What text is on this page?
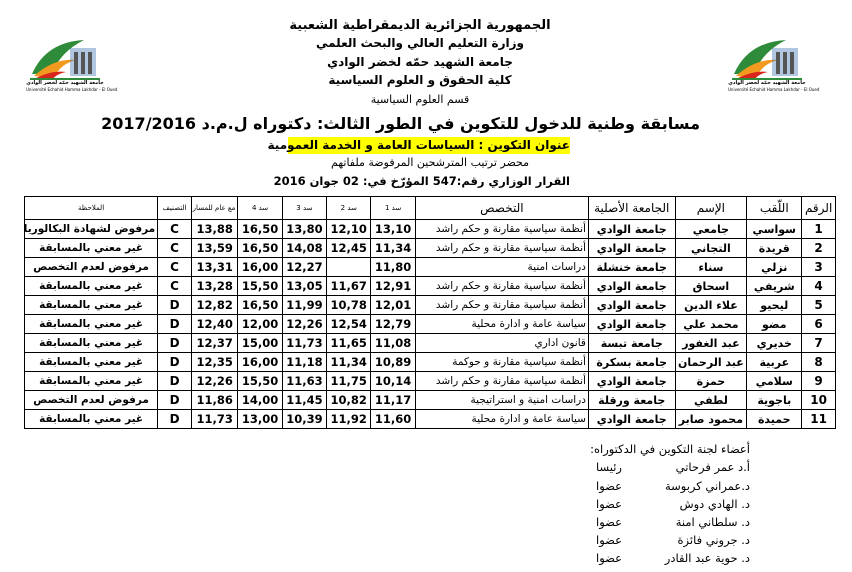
جامعة الشهيد حمّه لخضر الوادي
Université Echahid Hamma Lakhdar - El Oued
جامعة الشهيد حمّه لخضر الوادي
Université Echahid Hamma Lakhdar - El Oued
الجمهورية الجزائرية الديمقراطية الشعبية
وزارة التعليم العالي والبحث العلمي
جامعة الشهيد حمّه لخضر الوادي
كلية الحقوق و العلوم السياسية
قسم العلوم السياسية
مسابقة وطنية للدخول للتكوين في الطور الثالث: دكتوراه ل.م.د 2017/2016
عنوان التكوين : السياسات العامة و الخدمة العمومية
محضر ترتيب المترشحين المرفوضة ملفاتهم
القرار الوزاري رقم:547 المؤرّخ في: 02 جوان 2016
الرقم	اللّقب	الإسم	الجامعة الأصلية	التخصص	سد 1	سد 2	سد 3	سد 4	مع عام للمسار	التصنيف	الملاحظة
1	سواسي	جامعي	جامعة الوادي	أنظمة سياسية مقارنة و حكم راشد	13,10	12,10	13,80	16,50	13,88	C	مرفوض لشهادة البكالوريا
2	قريدة	التجاني	جامعة الوادي	أنظمة سياسية مقارنة و حكم راشد	11,34	12,45	14,08	16,50	13,59	C	غير معني بالمسابقة
3	نزلي	سناء	جامعة خنشلة	دراسات امنية	11,80		12,27	16,00	13,31	C	مرفوض لعدم التخصص
4	شريفي	اسحاق	جامعة الوادي	أنظمة سياسية مقارنة و حكم راشد	12,91	11,67	13,05	15,50	13,28	C	غير معني بالمسابقة
5	ليحيو	علاء الدين	جامعة الوادي	أنظمة سياسية مقارنة و حكم راشد	12,01	10,78	11,99	16,50	12,82	D	غير معني بالمسابقة
6	مضو	محمد علي	جامعة الوادي	سياسة عامة و ادارة محلية	12,79	12,54	12,26	12,00	12,40	D	غير معني بالمسابقة
7	خديري	عبد الغفور	جامعة تبسة	قانون اداري	11,08	11,65	11,73	15,00	12,37	D	غير معني بالمسابقة
8	عربية	عبد الرحمان	جامعة بسكرة	أنظمة سياسية مقارنة و حوكمة	10,89	11,34	11,18	16,00	12,35	D	غير معني بالمسابقة
9	سلامي	حمزة	جامعة الوادي	أنظمة سياسية مقارنة و حكم راشد	10,14	11,75	11,63	15,50	12,26	D	غير معني بالمسابقة
10	باجوية	لطفي	جامعة ورقلة	دراسات امنية و استراتيجية	11,17	10,82	11,45	14,00	11,86	D	مرفوض لعدم التخصص
11	حميدة	محمود صابر	جامعة الوادي	سياسة عامة و ادارة محلية	11,60	11,92	10,39	13,00	11,73	D	غير معني بالمسابقة
أعضاء لجنة التكوين في الدكتوراه:
أ.د عمر فرحاتي
رئيسا
د.عمراني كربوسة
عضوا
د. الهادي دوش
عضوا
د. سلطاني امنة
عضوا
د. جروني فائزة
عضوا
د. حوية عبد القادر
عضوا
